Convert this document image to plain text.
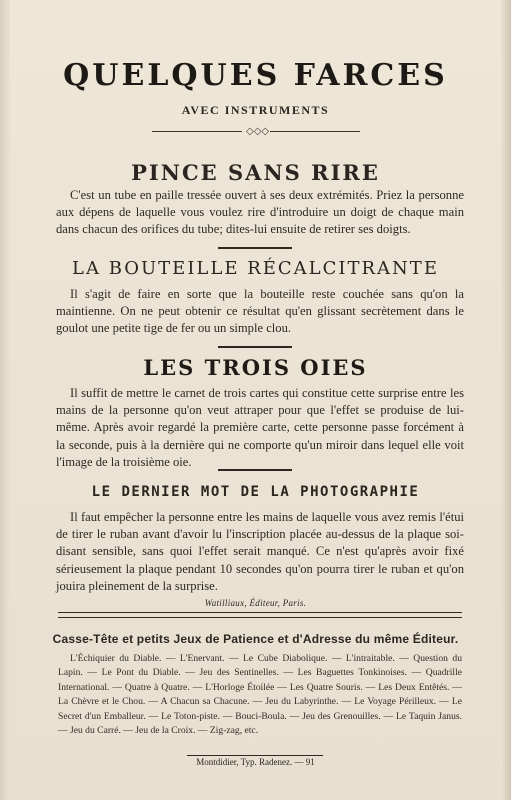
QUELQUES FARCES
AVEC INSTRUMENTS
◇◇◇
PINCE SANS RIRE
C'est un tube en paille tressée ouvert à ses deux extrémités. Priez la personne aux dépens de laquelle vous voulez rire d'introduire un doigt de chaque main dans chacun des orifices du tube; dites-lui ensuite de retirer ses doigts.
LA BOUTEILLE RÉCALCITRANTE
Il s'agit de faire en sorte que la bouteille reste couchée sans qu'on la maintienne. On ne peut obtenir ce résultat qu'en glissant secrètement dans le goulot une petite tige de fer ou un simple clou.
LES TROIS OIES
Il suffit de mettre le carnet de trois cartes qui constitue cette surprise entre les mains de la personne qu'on veut attraper pour que l'effet se produise de lui-même. Après avoir regardé la première carte, cette personne passe forcément à la seconde, puis à la dernière qui ne comporte qu'un miroir dans lequel elle voit l'image de la troisième oie.
LE DERNIER MOT DE LA PHOTOGRAPHIE
Il faut empêcher la personne entre les mains de laquelle vous avez remis l'étui de tirer le ruban avant d'avoir lu l'inscription placée au-dessus de la plaque soi-disant sensible, sans quoi l'effet serait manqué. Ce n'est qu'après avoir fixé sérieusement la plaque pendant 10 secondes qu'on pourra tirer le ruban et qu'on jouira pleinement de la surprise.
Watilliaux, Éditeur, Paris.
Casse-Tête et petits Jeux de Patience et d'Adresse du même Éditeur.
L'Échiquier du Diable. — L'Enervant. — Le Cube Diabolique. — L'intraitable. — Question du Lapin. — Le Pont du Diable. — Jeu des Sentinelles. — Les Baguettes Tonkinoises. — Quadrille International. — Quatre à Quatre. — L'Horloge Étoilée — Les Quatre Souris. — Les Deux Entêtés. — La Chèvre et le Chou. — A Chacun sa Chacune. — Jeu du Labyrinthe. — Le Voyage Périlleux. — Le Secret d'un Emballeur. — Le Toton-piste. — Bouci-Boula. — Jeu des Grenouilles. — Le Taquin Janus. — Jeu du Carré. — Jeu de la Croix. — Zig-zag, etc.
Montdidier, Typ. Radenez. — 91
